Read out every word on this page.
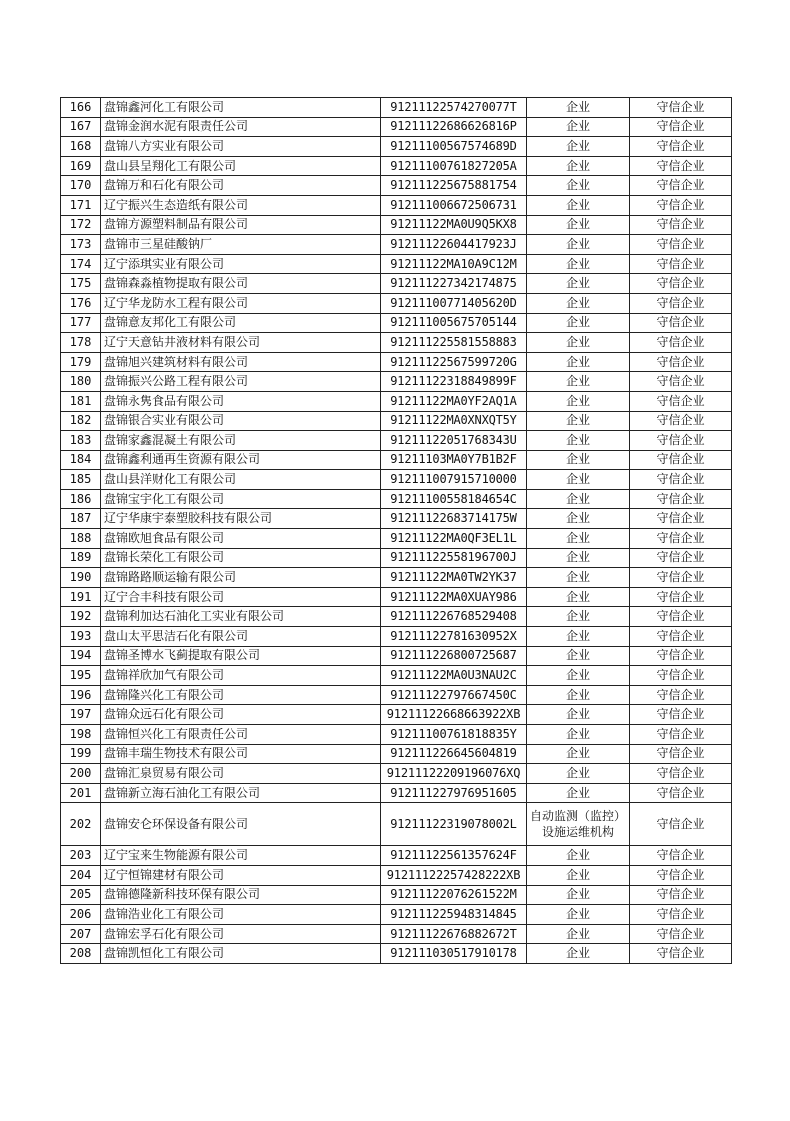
166	盘锦鑫河化工有限公司	91211122574270077T	企业	守信企业
167	盘锦金润水泥有限责任公司	91211122686626816P	企业	守信企业
168	盘锦八方实业有限公司	91211100567574689D	企业	守信企业
169	盘山县呈翔化工有限公司	91211100761827205A	企业	守信企业
170	盘锦万和石化有限公司	912111225675881754	企业	守信企业
171	辽宁振兴生态造纸有限公司	912111006672506731	企业	守信企业
172	盘锦方源塑料制品有限公司	91211122MA0U9Q5KX8	企业	守信企业
173	盘锦市三星硅酸钠厂	91211122604417923J	企业	守信企业
174	辽宁添琪实业有限公司	91211122MA10A9C12M	企业	守信企业
175	盘锦森淼植物提取有限公司	912111227342174875	企业	守信企业
176	辽宁华龙防水工程有限公司	91211100771405620D	企业	守信企业
177	盘锦意友邦化工有限公司	912111005675705144	企业	守信企业
178	辽宁天意钻井液材料有限公司	912111225581558883	企业	守信企业
179	盘锦旭兴建筑材料有限公司	91211122567599720G	企业	守信企业
180	盘锦振兴公路工程有限公司	91211122318849899F	企业	守信企业
181	盘锦永隽食品有限公司	91211122MA0YF2AQ1A	企业	守信企业
182	盘锦银合实业有限公司	91211122MA0XNXQT5Y	企业	守信企业
183	盘锦家鑫混凝土有限公司	91211122051768343U	企业	守信企业
184	盘锦鑫利通再生资源有限公司	91211103MA0Y7B1B2F	企业	守信企业
185	盘山县洋财化工有限公司	912111007915710000	企业	守信企业
186	盘锦宝宇化工有限公司	91211100558184654C	企业	守信企业
187	辽宁华康宇泰塑胶科技有限公司	91211122683714175W	企业	守信企业
188	盘锦欧旭食品有限公司	91211122MA0QF3EL1L	企业	守信企业
189	盘锦长荣化工有限公司	91211122558196700J	企业	守信企业
190	盘锦路路顺运输有限公司	91211122MA0TW2YK37	企业	守信企业
191	辽宁合丰科技有限公司	91211122MA0XUAY986	企业	守信企业
192	盘锦利加达石油化工实业有限公司	912111226768529408	企业	守信企业
193	盘山太平思洁石化有限公司	91211122781630952X	企业	守信企业
194	盘锦圣博水飞蓟提取有限公司	912111226800725687	企业	守信企业
195	盘锦祥欣加气有限公司	91211122MA0U3NAU2C	企业	守信企业
196	盘锦隆兴化工有限公司	91211122797667450C	企业	守信企业
197	盘锦众远石化有限公司	91211122668663922XB	企业	守信企业
198	盘锦恒兴化工有限责任公司	91211100761818835Y	企业	守信企业
199	盘锦丰瑞生物技术有限公司	912111226645604819	企业	守信企业
200	盘锦汇泉贸易有限公司	91211122209196076XQ	企业	守信企业
201	盘锦新立海石油化工有限公司	912111227976951605	企业	守信企业
202	盘锦安仑环保设备有限公司	91211122319078002L	自动监测（监控）设施运维机构	守信企业
203	辽宁宝来生物能源有限公司	91211122561357624F	企业	守信企业
204	辽宁恒锦建材有限公司	91211122257428222XB	企业	守信企业
205	盘锦德隆新科技环保有限公司	91211122076261522M	企业	守信企业
206	盘锦浩业化工有限公司	912111225948314845	企业	守信企业
207	盘锦宏孚石化有限公司	91211122676882672T	企业	守信企业
208	盘锦凯恒化工有限公司	912111030517910178	企业	守信企业
